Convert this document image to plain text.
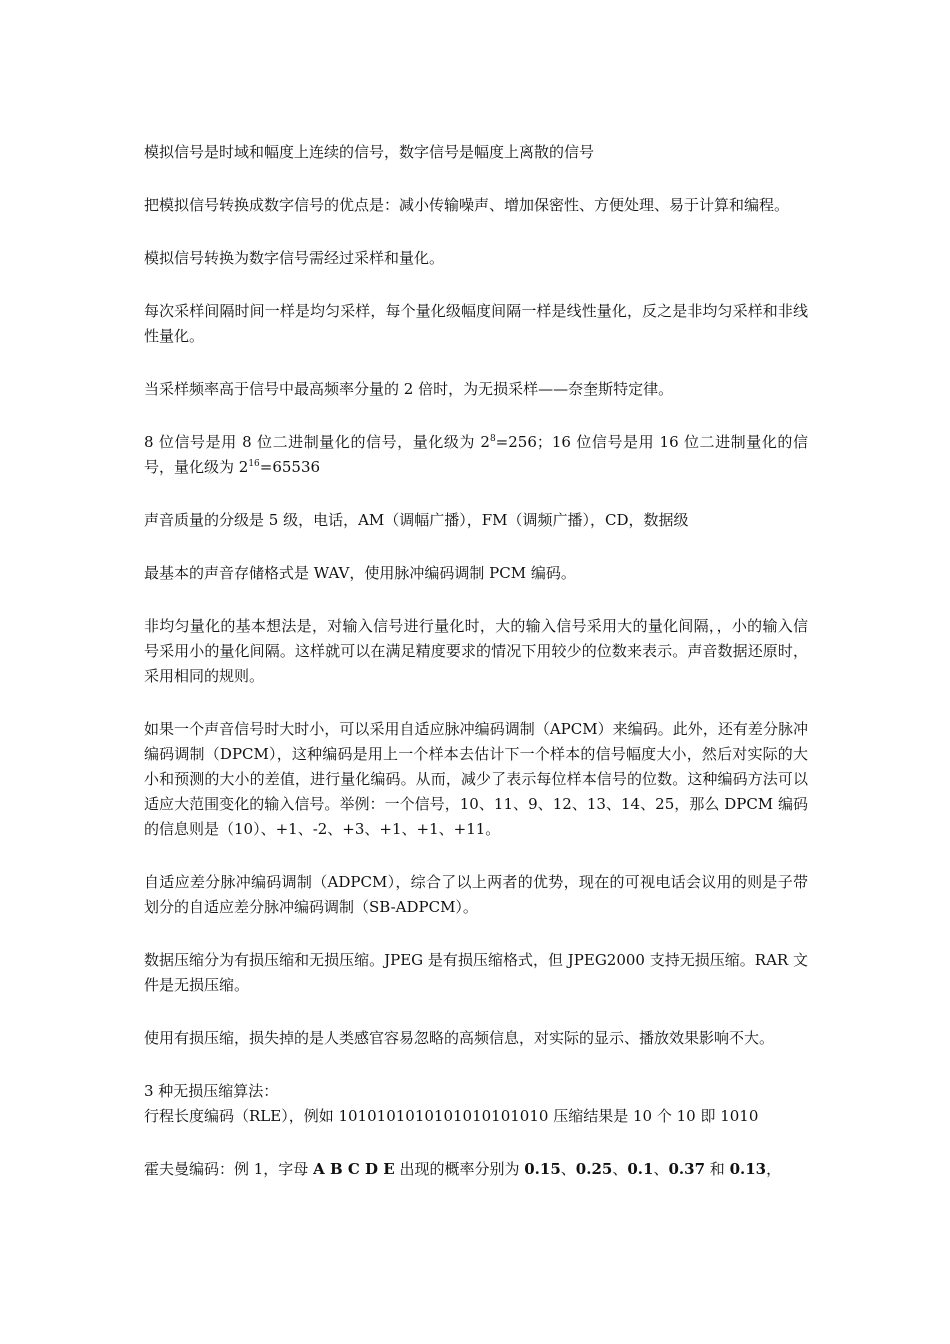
模拟信号是时域和幅度上连续的信号，数字信号是幅度上离散的信号

把模拟信号转换成数字信号的优点是：减小传输噪声、增加保密性、方便处理、易于计算和编程。

模拟信号转换为数字信号需经过采样和量化。

每次采样间隔时间一样是均匀采样，每个量化级幅度间隔一样是线性量化，反之是非均匀采样和非线性量化。

当采样频率高于信号中最高频率分量的 2 倍时，为无损采样——奈奎斯特定律。

8 位信号是用 8 位二进制量化的信号，量化级为 $2^8=256$；16 位信号是用 16 位二进制量化的信号，量化级为 $2^{16}=65536$

声音质量的分级是 5 级，电话，AM（调幅广播），FM（调频广播），CD，数据级

最基本的声音存储格式是 WAV，使用脉冲编码调制 PCM 编码。

非均匀量化的基本想法是，对输入信号进行量化时，大的输入信号采用大的量化间隔，，小的输入信号采用小的量化间隔。这样就可以在满足精度要求的情况下用较少的位数来表示。声音数据还原时，采用相同的规则。

如果一个声音信号时大时小，可以采用自适应脉冲编码调制（APCM）来编码。此外，还有差分脉冲编码调制（DPCM），这种编码是用上一个样本去估计下一个样本的信号幅度大小，然后对实际的大小和预测的大小的差值，进行量化编码。从而，减少了表示每位样本信号的位数。这种编码方法可以适应大范围变化的输入信号。举例：一个信号，10、11、9、12、13、14、25，那么 DPCM 编码的信息则是（10）、+1、-2、+3、+1、+1、+11。

自适应差分脉冲编码调制（ADPCM），综合了以上两者的优势，现在的可视电话会议用的则是子带划分的自适应差分脉冲编码调制（SB-ADPCM）。

数据压缩分为有损压缩和无损压缩。JPEG 是有损压缩格式，但 JPEG2000 支持无损压缩。RAR 文件是无损压缩。

使用有损压缩，损失掉的是人类感官容易忽略的高频信息，对实际的显示、播放效果影响不大。

3 种无损压缩算法：

行程长度编码（RLE），例如 1010101010101010101010 压缩结果是 10 个 10 即 1010

霍夫曼编码：例 1，字母 A B C D E 出现的概率分别为 0.15、0.25、0.1、0.37 和 0.13，
